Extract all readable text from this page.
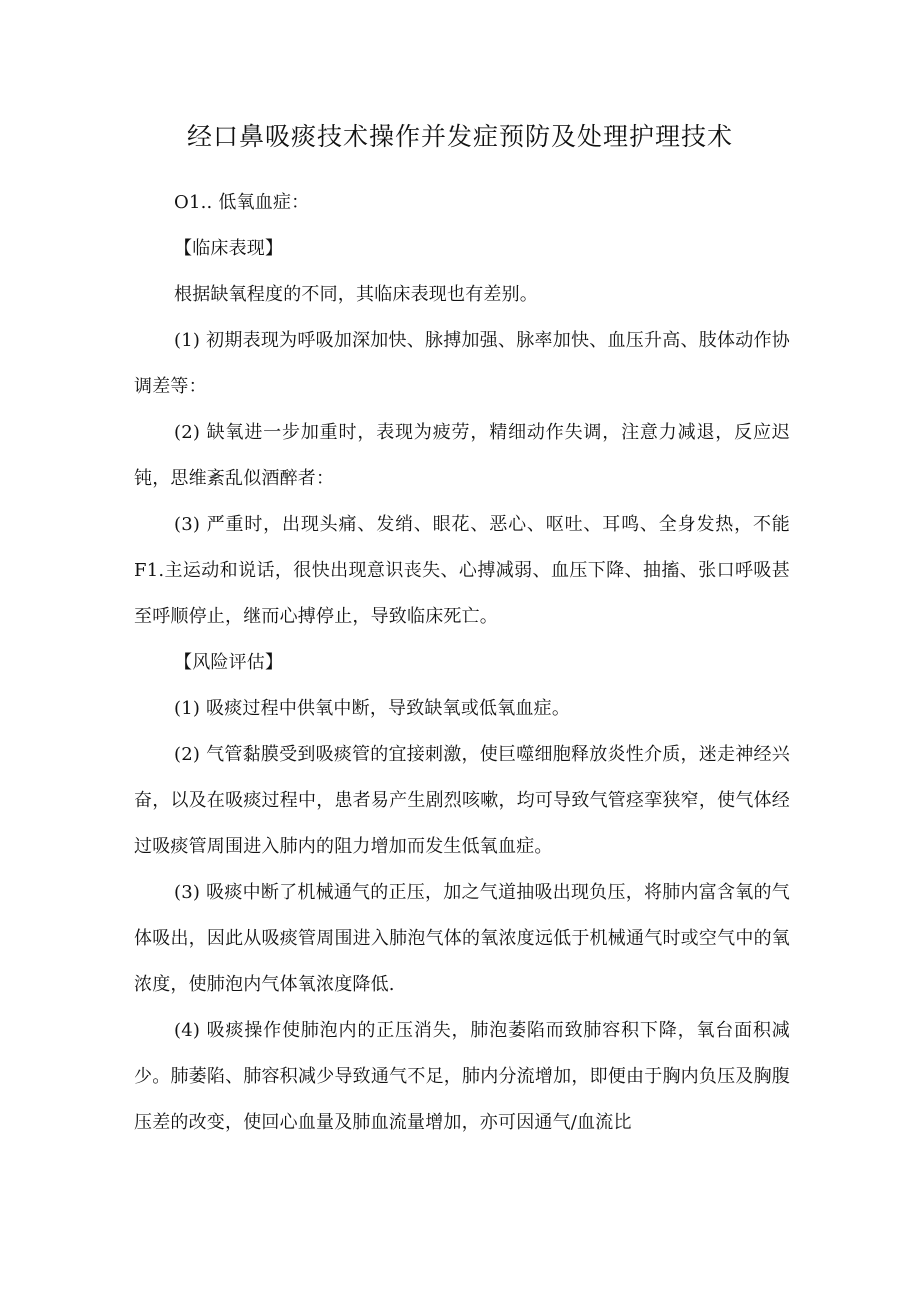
经口鼻吸痰技术操作并发症预防及处理护理技术

O1.. 低氧血症：

【临床表现】

根据缺氧程度的不同，其临床表现也有差别。

(1) 初期表现为呼吸加深加快、脉搏加强、脉率加快、血压升高、肢体动作协调差等：

(2) 缺氧进一步加重时，表现为疲劳，精细动作失调，注意力减退，反应迟钝，思维紊乱似酒醉者：

(3) 严重时，出现头痛、发绡、眼花、恶心、呕吐、耳鸣、全身发热，不能F1.主运动和说话，很快出现意识丧失、心搏减弱、血压下降、抽搐、张口呼吸甚至呼顺停止，继而心搏停止，导致临床死亡。

【风险评估】

(1) 吸痰过程中供氧中断，导致缺氧或低氧血症。

(2) 气管黏膜受到吸痰管的宜接刺激，使巨噬细胞释放炎性介质，迷走神经兴奋，以及在吸痰过程中，患者易产生剧烈咳嗽，均可导致气管痉挛狭窄，使气体经过吸痰管周围进入肺内的阻力增加而发生低氧血症。

(3) 吸痰中断了机械通气的正压，加之气道抽吸出现负压，将肺内富含氧的气体吸出，因此从吸痰管周围进入肺泡气体的氧浓度远低于机械通气时或空气中的氧浓度，使肺泡内气体氧浓度降低.

(4) 吸痰操作使肺泡内的正压消失，肺泡萎陷而致肺容积下降，氧台面积减少。肺萎陷、肺容积减少导致通气不足，肺内分流增加，即便由于胸内负压及胸腹压差的改变，使回心血量及肺血流量增加，亦可因通气/血流比
